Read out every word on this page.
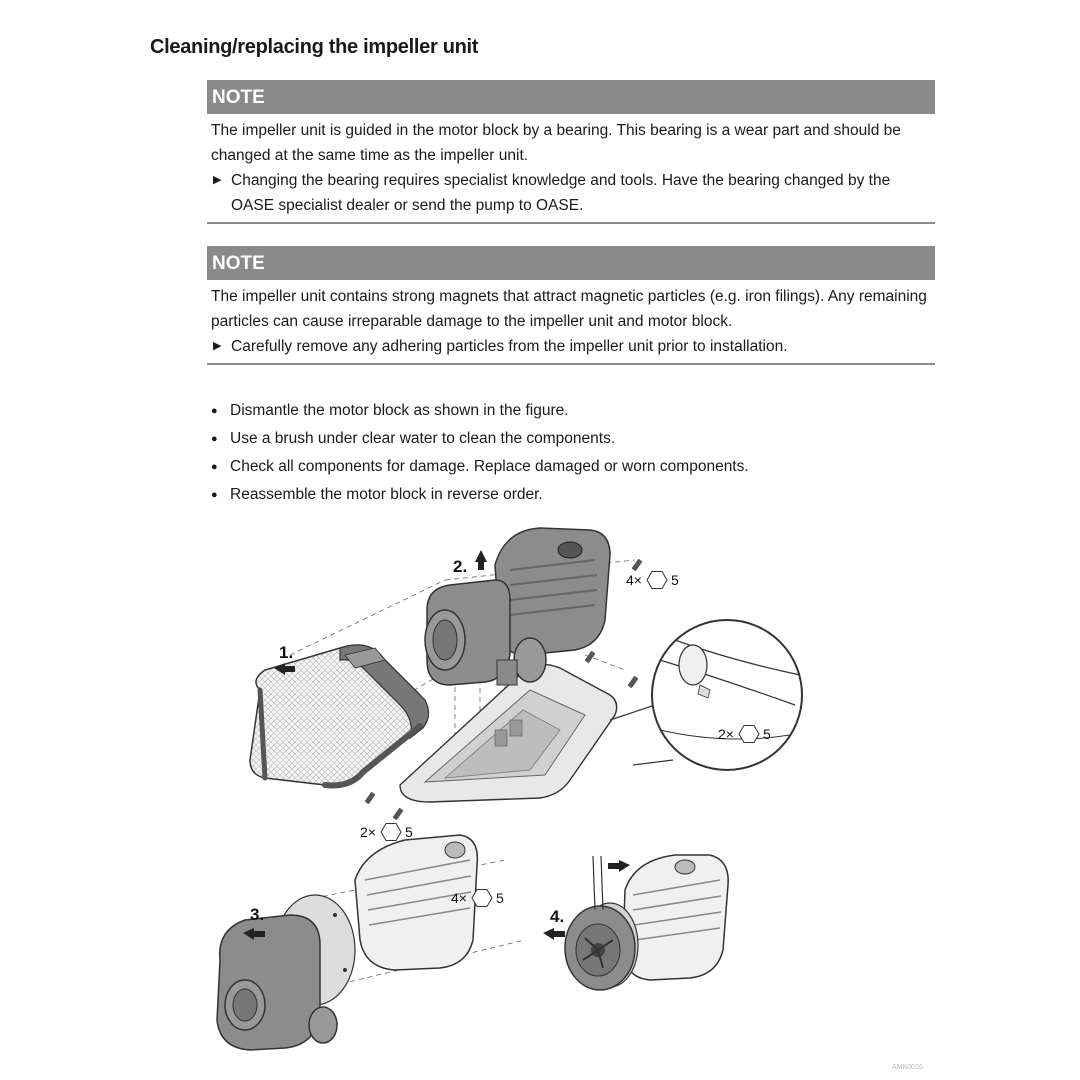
Cleaning/replacing the impeller unit
NOTE
The impeller unit is guided in the motor block by a bearing. This bearing is a wear part and should be changed at the same time as the impeller unit.
▶ Changing the bearing requires specialist knowledge and tools. Have the bearing changed by the OASE specialist dealer or send the pump to OASE.
NOTE
The impeller unit contains strong magnets that attract magnetic particles (e.g. iron filings). Any remaining particles can cause irreparable damage to the impeller unit and motor block.
▶ Carefully remove any adhering particles from the impeller unit prior to installation.
● Dismantle the motor block as shown in the figure.
● Use a brush under clear water to clean the components.
● Check all components for damage. Replace damaged or worn components.
● Reassemble the motor block in reverse order.
1.
2.
3.	4.
4× 5
2× 5
2× 5
4× 5
AMK0026
